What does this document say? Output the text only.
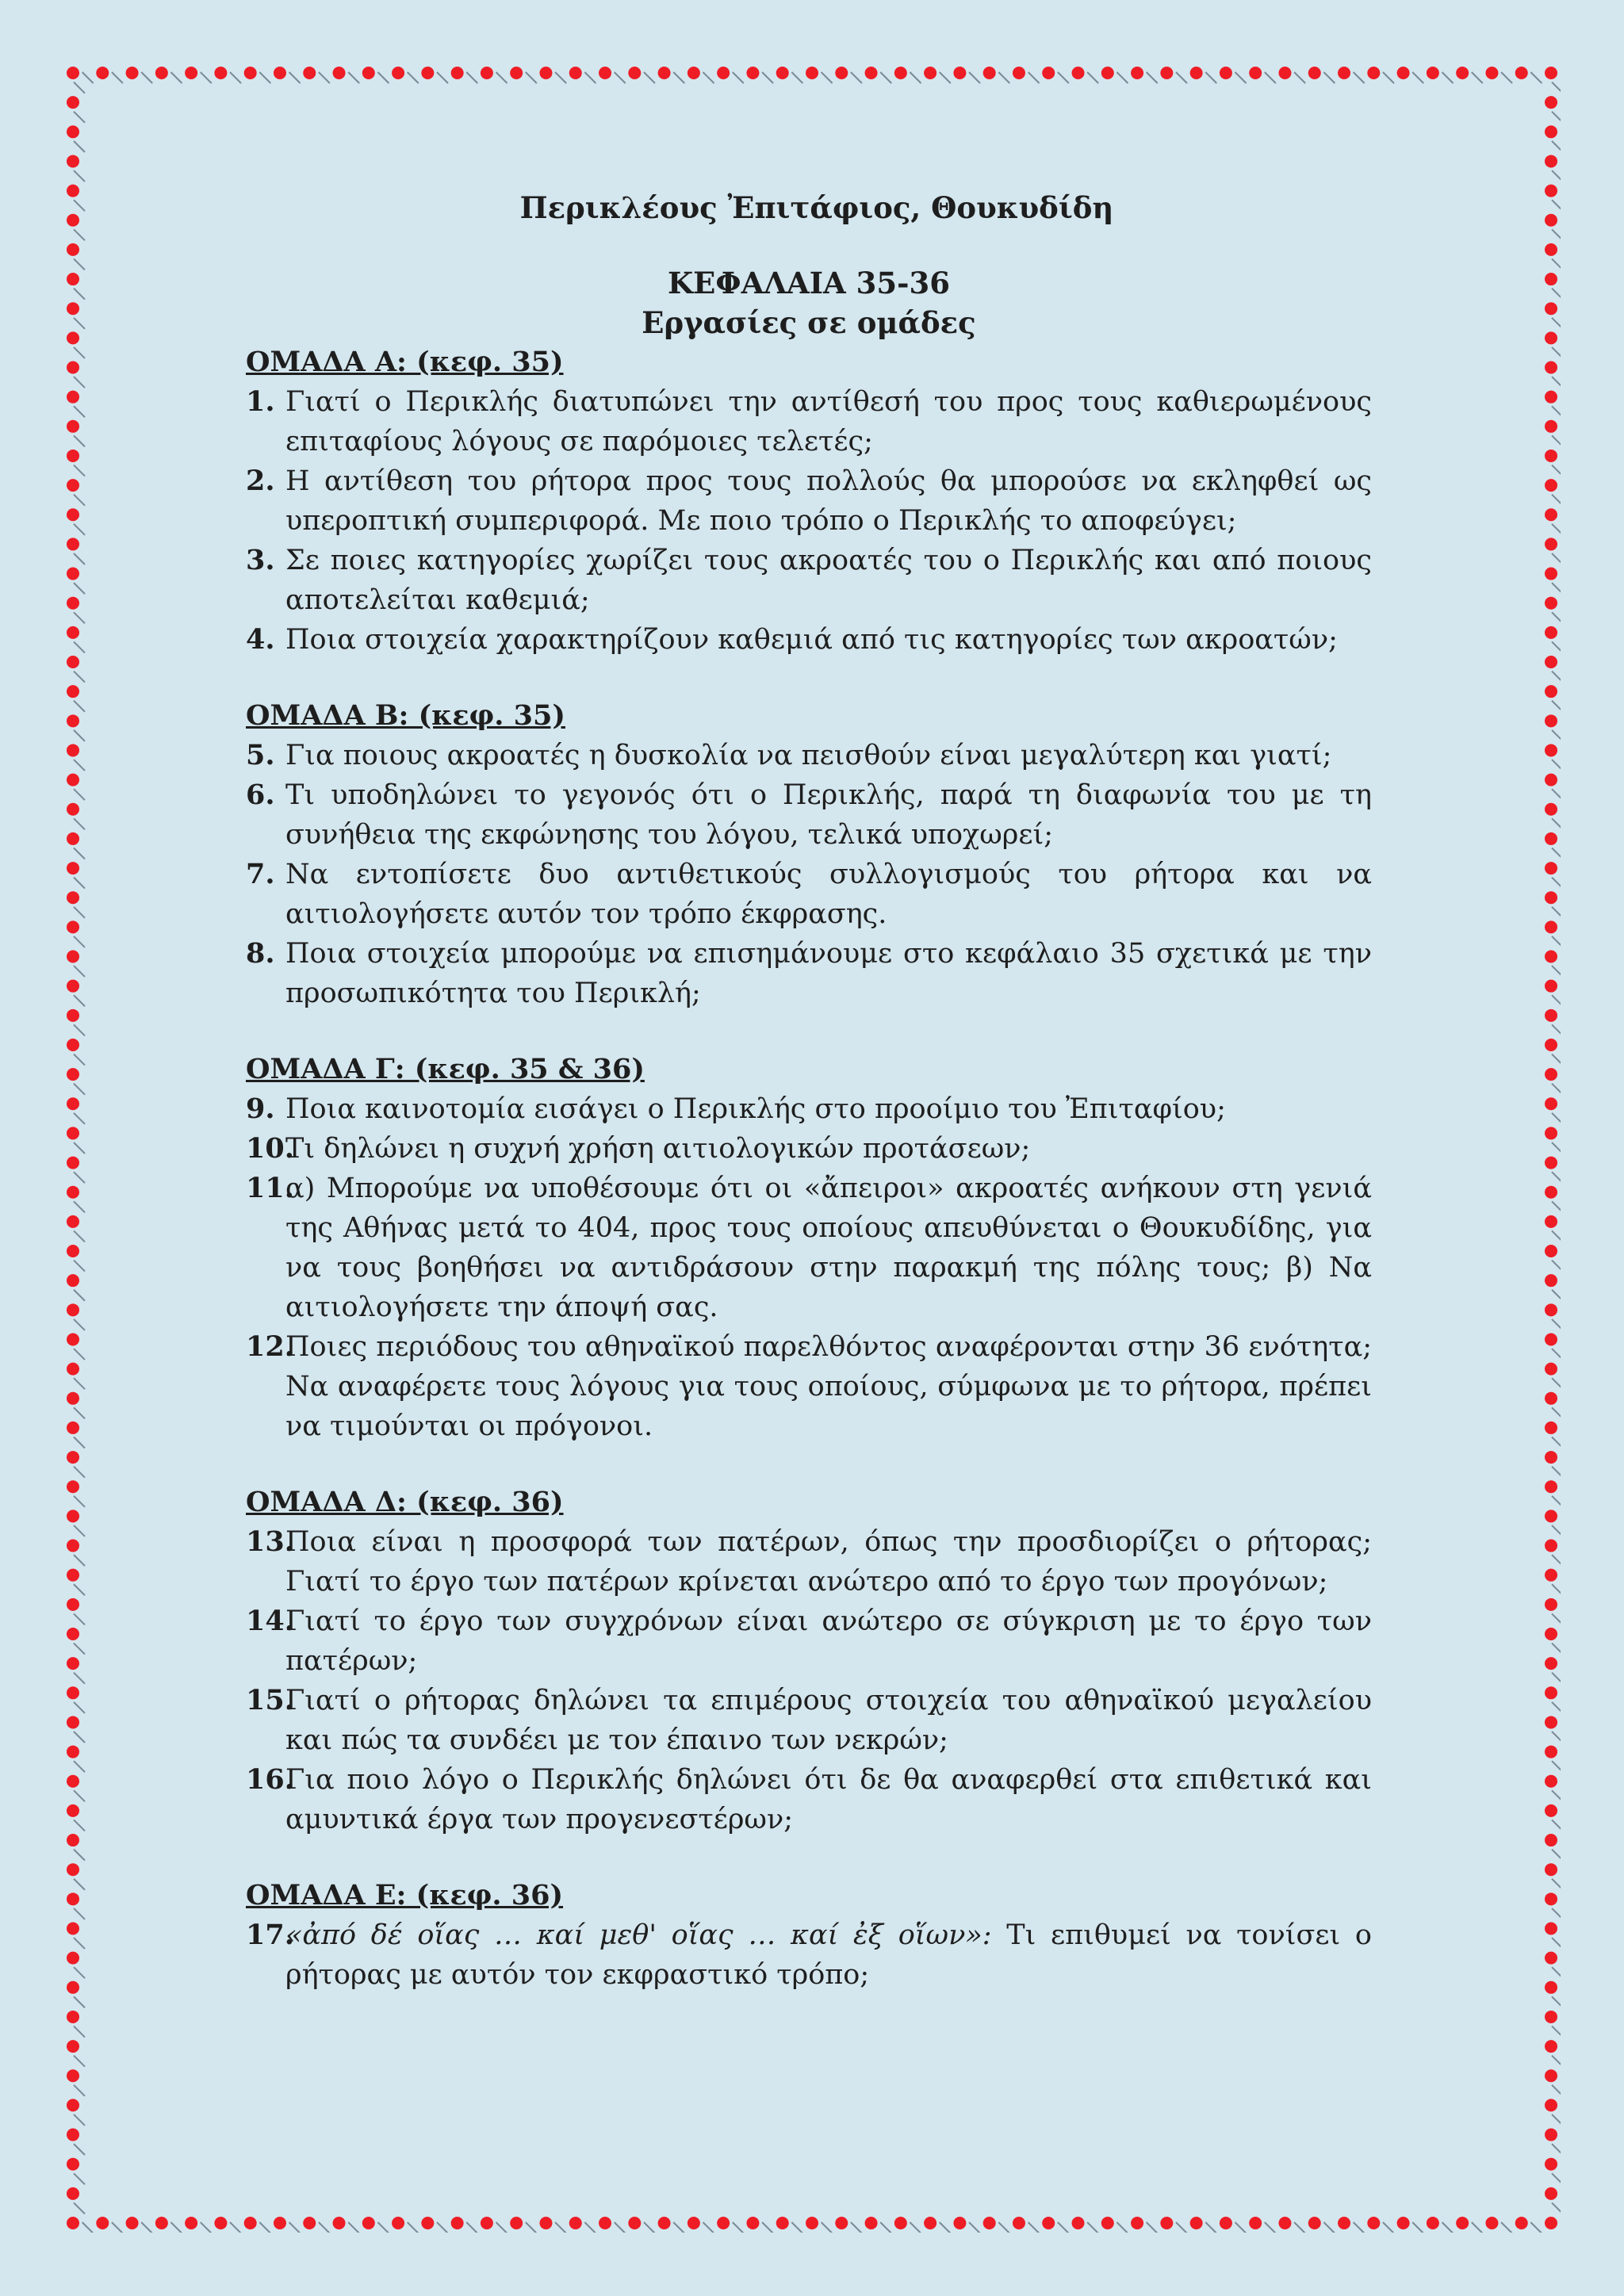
Περικλέους Ἐπιτάφιος, Θουκυδίδη

ΚΕΦΑΛΑΙΑ 35-36

Εργασίες σε ομάδες

ΟΜΑΔΑ Α: (κεφ. 35)

1. Γιατί ο Περικλής διατυπώνει την αντίθεσή του προς τους καθιερωμένους επιταφίους λόγους σε παρόμοιες τελετές;

2. Η αντίθεση του ρήτορα προς τους πολλούς θα μπορούσε να εκληφθεί ως υπεροπτική συμπεριφορά. Με ποιο τρόπο ο Περικλής το αποφεύγει;

3. Σε ποιες κατηγορίες χωρίζει τους ακροατές του ο Περικλής και από ποιους αποτελείται καθεμιά;

4. Ποια στοιχεία χαρακτηρίζουν καθεμιά από τις κατηγορίες των ακροατών;

ΟΜΑΔΑ Β: (κεφ. 35)

5. Για ποιους ακροατές η δυσκολία να πεισθούν είναι μεγαλύτερη και γιατί;

6. Τι υποδηλώνει το γεγονός ότι ο Περικλής, παρά τη διαφωνία του με τη συνήθεια της εκφώνησης του λόγου, τελικά υποχωρεί;

7. Να εντοπίσετε δυο αντιθετικούς συλλογισμούς του ρήτορα και να αιτιολογήσετε αυτόν τον τρόπο έκφρασης.

8. Ποια στοιχεία μπορούμε να επισημάνουμε στο κεφάλαιο 35 σχετικά με την προσωπικότητα του Περικλή;

ΟΜΑΔΑ Γ: (κεφ. 35 & 36)

9. Ποια καινοτομία εισάγει ο Περικλής στο προοίμιο του Ἐπιταφίου;

10.
Τι δηλώνει η συχνή χρήση αιτιολογικών προτάσεων;

11.
α) Μπορούμε να υποθέσουμε ότι οι «ἄπειροι» ακροατές ανήκουν στη γενιά της Αθήνας μετά το 404, προς τους οποίους απευθύνεται ο Θουκυδίδης, για να τους βοηθήσει να αντιδράσουν στην παρακμή της πόλης τους; β) Να αιτιολογήσετε την άποψή σας.

12.
Ποιες περιόδους του αθηναϊκού παρελθόντος αναφέρονται στην 36 ενότητα; Να αναφέρετε τους λόγους για τους οποίους, σύμφωνα με το ρήτορα, πρέπει να τιμούνται οι πρόγονοι.

ΟΜΑΔΑ Δ: (κεφ. 36)

13.
Ποια είναι η προσφορά των πατέρων, όπως την προσδιορίζει ο ρήτορας; Γιατί το έργο των πατέρων κρίνεται ανώτερο από το έργο των προγόνων;

14.
Γιατί το έργο των συγχρόνων είναι ανώτερο σε σύγκριση με το έργο των πατέρων;

15.
Γιατί ο ρήτορας δηλώνει τα επιμέρους στοιχεία του αθηναϊκού μεγαλείου και πώς τα συνδέει με τον έπαινο των νεκρών;

16.
Για ποιο λόγο ο Περικλής δηλώνει ότι δε θα αναφερθεί στα επιθετικά και αμυντικά έργα των προγενεστέρων;

ΟΜΑΔΑ Ε: (κεφ. 36)

17.
«ἀπό δέ οἵας … καί μεθ' οἵας … καί ἐξ οἵων»: Τι επιθυμεί να τονίσει ο ρήτορας με αυτόν τον εκφραστικό τρόπο;
